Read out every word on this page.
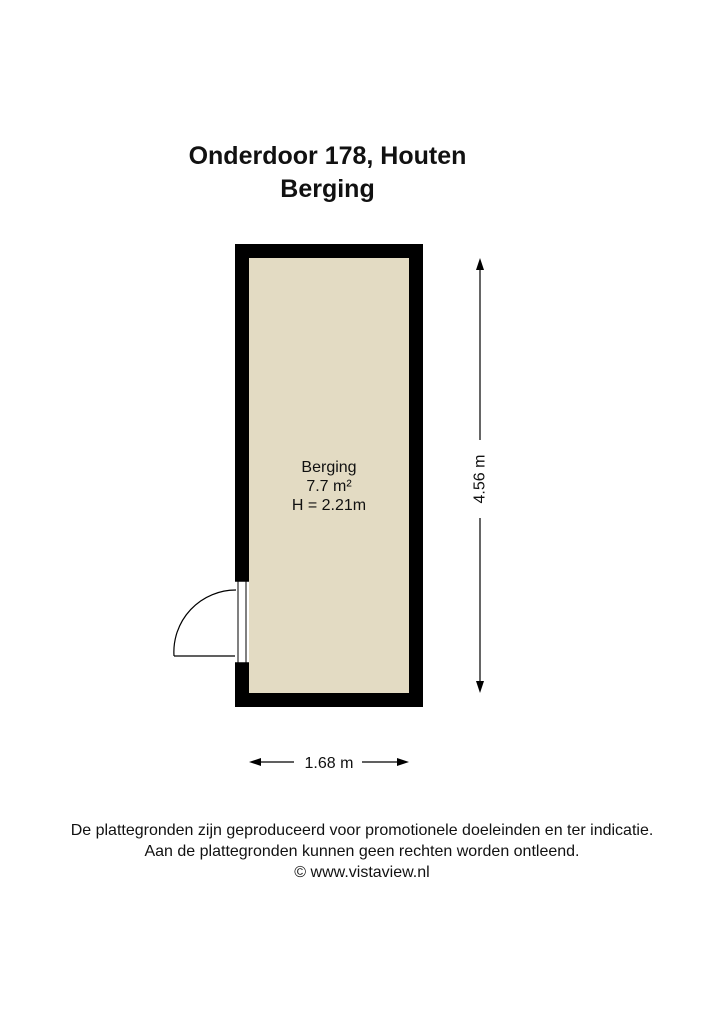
Onderdoor 178, Houten
Berging
Berging
7.7 m²
H = 2.21m
4.56 m
1.68 m
De plattegronden zijn geproduceerd voor promotionele doeleinden en ter indicatie.
Aan de plattegronden kunnen geen rechten worden ontleend.
© www.vistaview.nl
